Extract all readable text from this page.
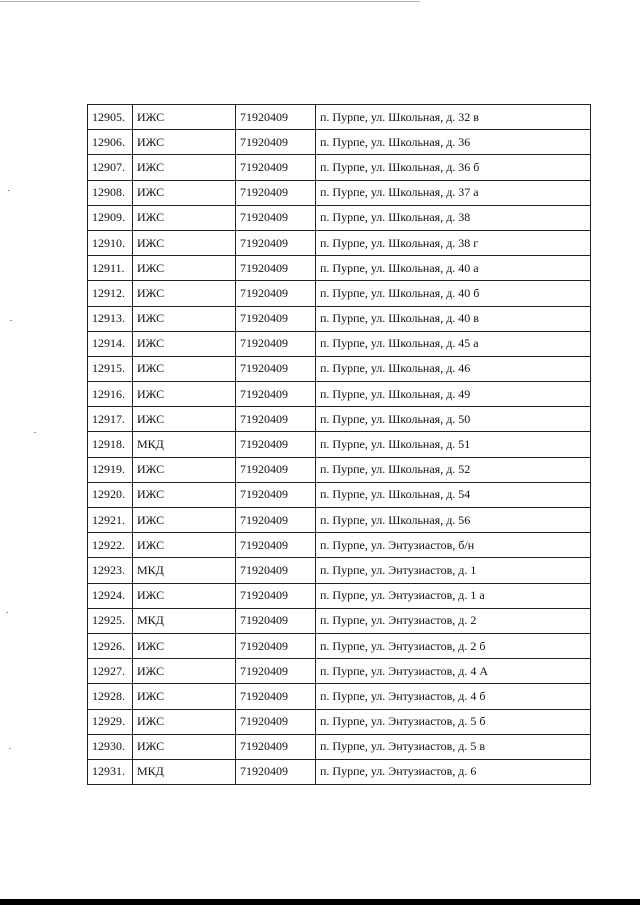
12905.	ИЖС	71920409	п. Пурпе, ул. Школьная, д. 32 в
12906.	ИЖС	71920409	п. Пурпе, ул. Школьная, д. 36
12907.	ИЖС	71920409	п. Пурпе, ул. Школьная, д. 36 б
12908.	ИЖС	71920409	п. Пурпе, ул. Школьная, д. 37 а
12909.	ИЖС	71920409	п. Пурпе, ул. Школьная, д. 38
12910.	ИЖС	71920409	п. Пурпе, ул. Школьная, д. 38 г
12911.	ИЖС	71920409	п. Пурпе, ул. Школьная, д. 40 а
12912.	ИЖС	71920409	п. Пурпе, ул. Школьная, д. 40 б
12913.	ИЖС	71920409	п. Пурпе, ул. Школьная, д. 40 в
12914.	ИЖС	71920409	п. Пурпе, ул. Школьная, д. 45 а
12915.	ИЖС	71920409	п. Пурпе, ул. Школьная, д. 46
12916.	ИЖС	71920409	п. Пурпе, ул. Школьная, д. 49
12917.	ИЖС	71920409	п. Пурпе, ул. Школьная, д. 50
12918.	МКД	71920409	п. Пурпе, ул. Школьная, д. 51
12919.	ИЖС	71920409	п. Пурпе, ул. Школьная, д. 52
12920.	ИЖС	71920409	п. Пурпе, ул. Школьная, д. 54
12921.	ИЖС	71920409	п. Пурпе, ул. Школьная, д. 56
12922.	ИЖС	71920409	п. Пурпе, ул. Энтузиастов, б/н
12923.	МКД	71920409	п. Пурпе, ул. Энтузиастов, д. 1
12924.	ИЖС	71920409	п. Пурпе, ул. Энтузиастов, д. 1 а
12925.	МКД	71920409	п. Пурпе, ул. Энтузиастов, д. 2
12926.	ИЖС	71920409	п. Пурпе, ул. Энтузиастов, д. 2 б
12927.	ИЖС	71920409	п. Пурпе, ул. Энтузиастов, д. 4 А
12928.	ИЖС	71920409	п. Пурпе, ул. Энтузиастов, д. 4 б
12929.	ИЖС	71920409	п. Пурпе, ул. Энтузиастов, д. 5 б
12930.	ИЖС	71920409	п. Пурпе, ул. Энтузиастов, д. 5 в
12931.	МКД	71920409	п. Пурпе, ул. Энтузиастов, д. 6
